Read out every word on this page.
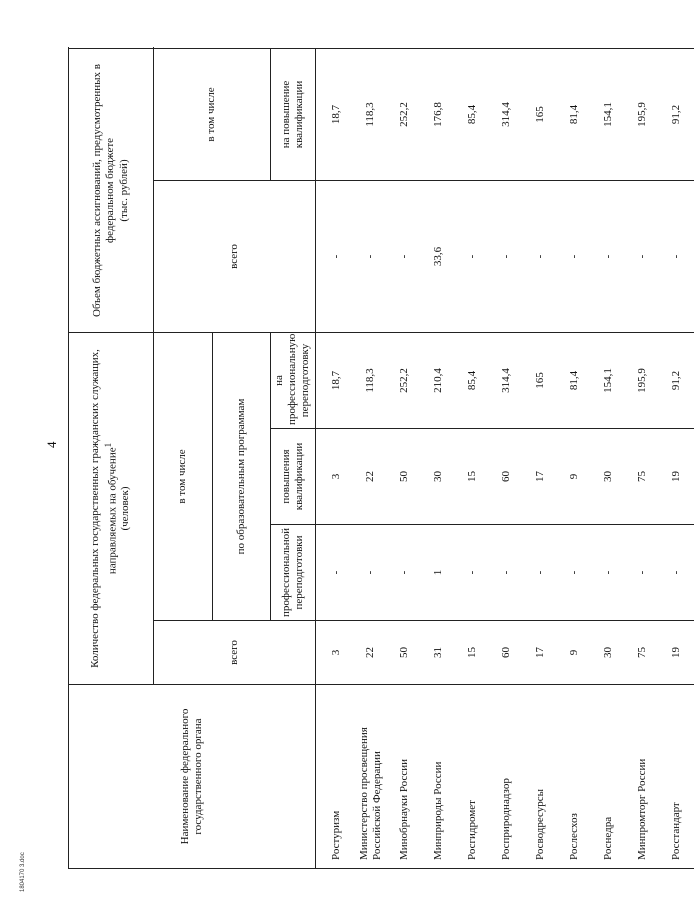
4
1804170 3.doc
Наименование федерального государственного органа	Количество федеральных государственных гражданских служащих, направляемых на обучение$^1$
(человек)				Объем бюджетных ассигнований, предусмотренных в федеральном бюджете
(тыс. рублей)	
	всего	в том числе			всего	в том числе
		по образовательным программам				
		профессиональной переподготовки	повышения квалификации	на профессиональную переподготовку		на повышение квалификации
Ростуризм	3	-	3	18,7	-	18,7
Министерство просвещения Российской Федерации	22	-	22	118,3	-	118,3
Минобрнауки России	50	-	50	252,2	-	252,2
Минприроды России	31	1	30	210,4	33,6	176,8
Росгидромет	15	-	15	85,4	-	85,4
Росприроднадзор	60	-	60	314,4	-	314,4
Росводресурсы	17	-	17	165	-	165
Рослесхоз	9	-	9	81,4	-	81,4
Роснедра	30	-	30	154,1	-	154,1
Минпромторг России	75	-	75	195,9	-	195,9
Росстандарт	19	-	19	91,2	-	91,2
